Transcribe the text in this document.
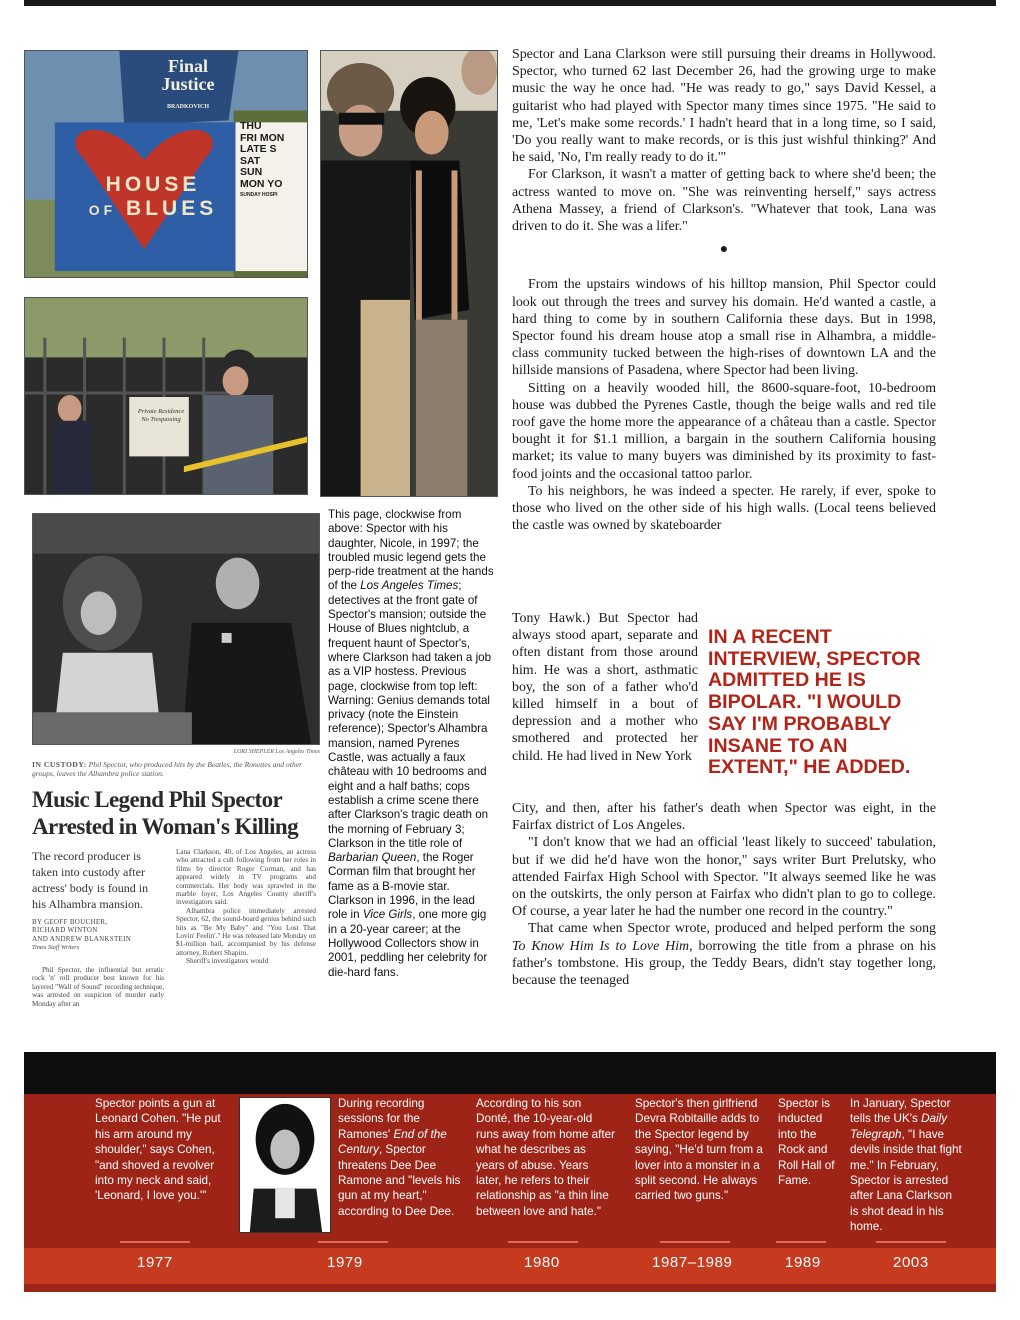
Final
Justice
BRADKOVICH
HOUSE
OF BLUES
THU
FRI MON
LATE S
SAT
SUN
MON YO
SUNDAY HOSPI
Private Residence
No Trespassing
LORI SHEPLER Los Angeles Times
IN CUSTODY: Phil Spector, who produced hits by the Beatles, the Ronettes and other groups, leaves the Alhambra police station.
Music Legend Phil Spector Arrested in Woman's Killing
The record producer is taken into custody after actress' body is found in his Alhambra mansion.
BY GEOFF BOUCHER,
RICHARD WINTON
AND ANDREW BLANKSTEIN
Times Staff Writers
Phil Spector, the influential but erratic rock 'n' roll producer best known for his layered "Wall of Sound" recording technique, was arrested on suspicion of murder early Monday after an
Lana Clarkson, 40, of Los Angeles, an actress who attracted a cult following from her roles in films by director Roger Corman, and has appeared widely in TV programs and commercials. Her body was sprawled in the marble foyer, Los Angeles County sheriff's investigators said.
Alhambra police immediately arrested Spector, 62, the sound-board genius behind such hits as "Be My Baby" and "You Lost That Lovin' Feelin'." He was released late Monday on $1-million bail, accompanied by his defense attorney, Robert Shapiro.
Sheriff's investigators would

This page, clockwise from above: Spector with his daughter, Nicole, in 1997; the troubled music legend gets the perp-ride treatment at the hands of the Los Angeles Times; detectives at the front gate of Spector's mansion; outside the House of Blues nightclub, a frequent haunt of Spector's, where Clarkson had taken a job as a VIP hostess. Previous page, clockwise from top left: Warning: Genius demands total privacy (note the Einstein reference); Spector's Alhambra mansion, named Pyrenes Castle, was actually a faux château with 10 bedrooms and eight and a half baths; cops establish a crime scene there after Clarkson's tragic death on the morning of February 3; Clarkson in the title role of Barbarian Queen, the Roger Corman film that brought her fame as a B-movie star. Clarkson in 1996, in the lead role in Vice Girls, one more gig in a 20-year career; at the Hollywood Collectors show in 2001, peddling her celebrity for die-hard fans.

Spector and Lana Clarkson were still pursuing their dreams in Hollywood. Spector, who turned 62 last December 26, had the growing urge to make music the way he once had. "He was ready to go," says David Kessel, a guitarist who had played with Spector many times since 1975. "He said to me, 'Let's make some records.' I hadn't heard that in a long time, so I said, 'Do you really want to make records, or is this just wishful thinking?' And he said, 'No, I'm really ready to do it.'"

For Clarkson, it wasn't a matter of getting back to where she'd been; the actress wanted to move on. "She was reinventing herself," says actress Athena Massey, a friend of Clarkson's. "Whatever that took, Lana was driven to do it. She was a lifer."

●

From the upstairs windows of his hilltop mansion, Phil Spector could look out through the trees and survey his domain. He'd wanted a castle, a hard thing to come by in southern California these days. But in 1998, Spector found his dream house atop a small rise in Alhambra, a middle-class community tucked between the high-rises of downtown LA and the hillside mansions of Pasadena, where Spector had been living.

Sitting on a heavily wooded hill, the 8600-square-foot, 10-bedroom house was dubbed the Pyrenes Castle, though the beige walls and red tile roof gave the home more the appearance of a château than a castle. Spector bought it for $1.1 million, a bargain in the southern California housing market; its value to many buyers was diminished by its proximity to fast-food joints and the occasional tattoo parlor.

To his neighbors, he was indeed a specter. He rarely, if ever, spoke to those who lived on the other side of his high walls. (Local teens believed the castle was owned by skateboarder

Tony Hawk.) But Spector had always stood apart, separate and often distant from those around him. He was a short, asthmatic boy, the son of a father who'd killed himself in a bout of depression and a mother who smothered and protected her child. He had lived in New York

IN A RECENT INTERVIEW, SPECTOR ADMITTED HE IS BIPOLAR. "I WOULD SAY I'M PROBABLY INSANE TO AN EXTENT," HE ADDED.

City, and then, after his father's death when Spector was eight, in the Fairfax district of Los Angeles.

"I don't know that we had an official 'least likely to succeed' tabulation, but if we did he'd have won the honor," says writer Burt Prelutsky, who attended Fairfax High School with Spector. "It always seemed like he was on the outskirts, the only person at Fairfax who didn't plan to go to college. Of course, a year later he had the number one record in the country."

That came when Spector wrote, produced and helped perform the song To Know Him Is to Love Him, borrowing the title from a phrase on his father's tombstone. His group, the Teddy Bears, didn't stay together long, because the teenaged

Spector points a gun at Leonard Cohen. "He put his arm around my shoulder," says Cohen, "and shoved a revolver into my neck and said, 'Leonard, I love you.'"
During recording sessions for the Ramones' End of the Century, Spector threatens Dee Dee Ramone and "levels his gun at my heart," according to Dee Dee.
According to his son Donté, the 10-year-old runs away from home after what he describes as years of abuse. Years later, he refers to their relationship as "a thin line between love and hate."
Spector's then girlfriend Devra Robitaille adds to the Spector legend by saying, "He'd turn from a lover into a monster in a split second. He always carried two guns."
Spector is inducted into the Rock and Roll Hall of Fame.
In January, Spector tells the UK's Daily Telegraph, "I have devils inside that fight me." In February, Spector is arrested after Lana Clarkson is shot dead in his home.
1977	1979	1980	1987–1989	1989	2003
